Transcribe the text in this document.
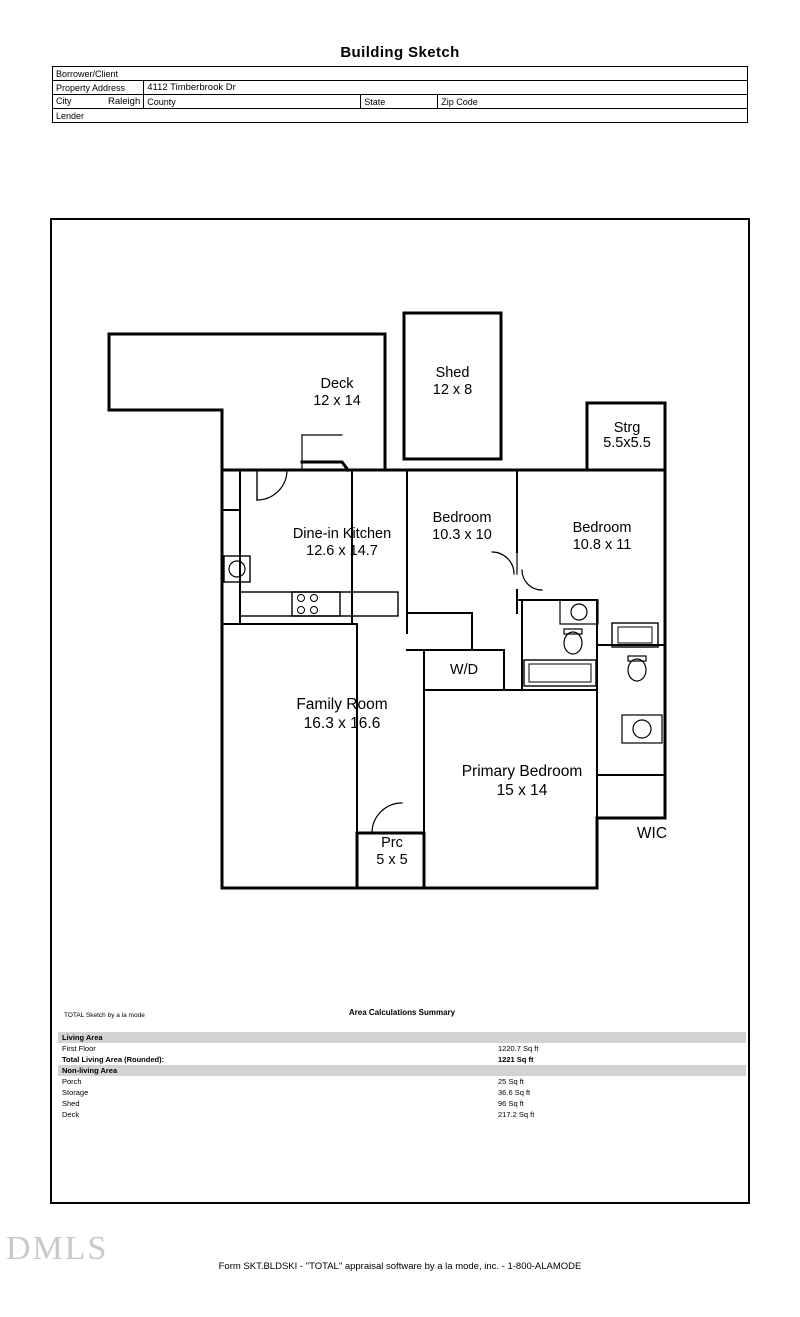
Building Sketch
Borrower/Client			
Property Address	4112 Timberbrook Dr		
City Raleigh	County	State	Zip Code
Lender			
Deck
12 x 14
Shed
12 x 8
Strg
5.5x5.5
Dine-in Kitchen
12.6 x 14.7
Bedroom
10.3 x 10	Bedroom
10.8 x 11
W/D
Family Room
16.3 x 16.6
Primary Bedroom
15 x 14
WIC
Prc
5 x 5
TOTAL Sketch by a la mode	Area Calculations Summary
Living Area	
First Floor	1220.7 Sq ft
Total Living Area (Rounded):	1221 Sq ft
Non-living Area	
Porch	25 Sq ft
Storage	36.6 Sq ft
Shed	96 Sq ft
Deck	217.2 Sq ft
DMLS	Form SKT.BLDSKI - "TOTAL" appraisal software by a la mode, inc. - 1-800-ALAMODE
